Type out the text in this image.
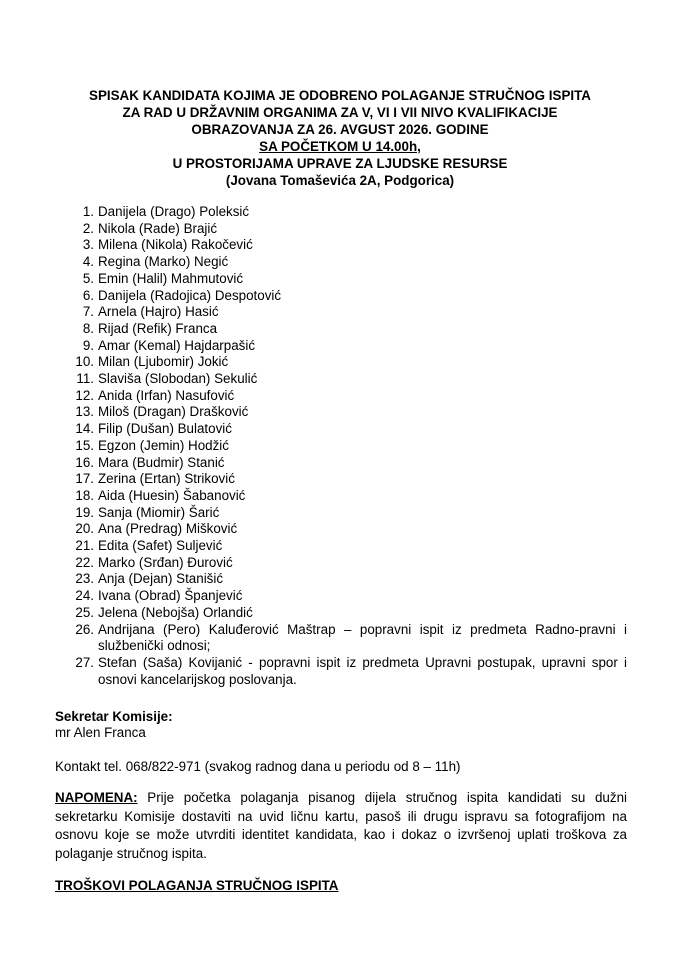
SPISAK KANDIDATA KOJIMA JE ODOBRENO POLAGANJE STRUČNOG ISPITA
ZA RAD U DRŽAVNIM ORGANIMA ZA V, VI I VII NIVO KVALIFIKACIJE
OBRAZOVANJA ZA 26. AVGUST 2026. GODINE
SA POČETKOM U 14.00h,
U PROSTORIJAMA UPRAVE ZA LJUDSKE RESURSE
(Jovana Tomaševića 2A, Podgorica)
1. Danijela (Drago) Poleksić
2. Nikola (Rade) Brajić
3. Milena (Nikola) Rakočević
4. Regina (Marko) Negić
5. Emin (Halil) Mahmutović
6. Danijela (Radojica) Despotović
7. Arnela (Hajro) Hasić
8. Rijad (Refik) Franca
9. Amar (Kemal) Hajdarpašić
10. Milan (Ljubomir) Jokić
11. Slaviša (Slobodan) Sekulić
12. Anida (Irfan) Nasufović
13. Miloš (Dragan) Drašković
14. Filip (Dušan) Bulatović
15. Egzon (Jemin) Hodžić
16. Mara (Budmir) Stanić
17. Zerina (Ertan) Striković
18. Aida (Huesin) Šabanović
19. Sanja (Miomir) Šarić
20. Ana (Predrag) Mišković
21. Edita (Safet) Suljević
22. Marko (Srđan) Đurović
23. Anja (Dejan) Stanišić
24. Ivana (Obrad) Španjević
25. Jelena (Nebojša) Orlandić
26. Andrijana (Pero) Kaluđerović Maštrap – popravni ispit iz predmeta Radno-pravni i službenički odnosi;
27. Stefan (Saša) Kovijanić - popravni ispit iz predmeta Upravni postupak, upravni spor i osnovi kancelarijskog poslovanja.
Sekretar Komisije:
mr Alen Franca
Kontakt tel. 068/822-971 (svakog radnog dana u periodu od 8 – 11h)
NAPOMENA: Prije početka polaganja pisanog dijela stručnog ispita kandidati su dužni sekretarku Komisije dostaviti na uvid ličnu kartu, pasoš ili drugu ispravu sa fotografijom na osnovu koje se može utvrditi identitet kandidata, kao i dokaz o izvršenoj uplati troškova za polaganje stručnog ispita.
TROŠKOVI POLAGANJA STRUČNOG ISPITA
